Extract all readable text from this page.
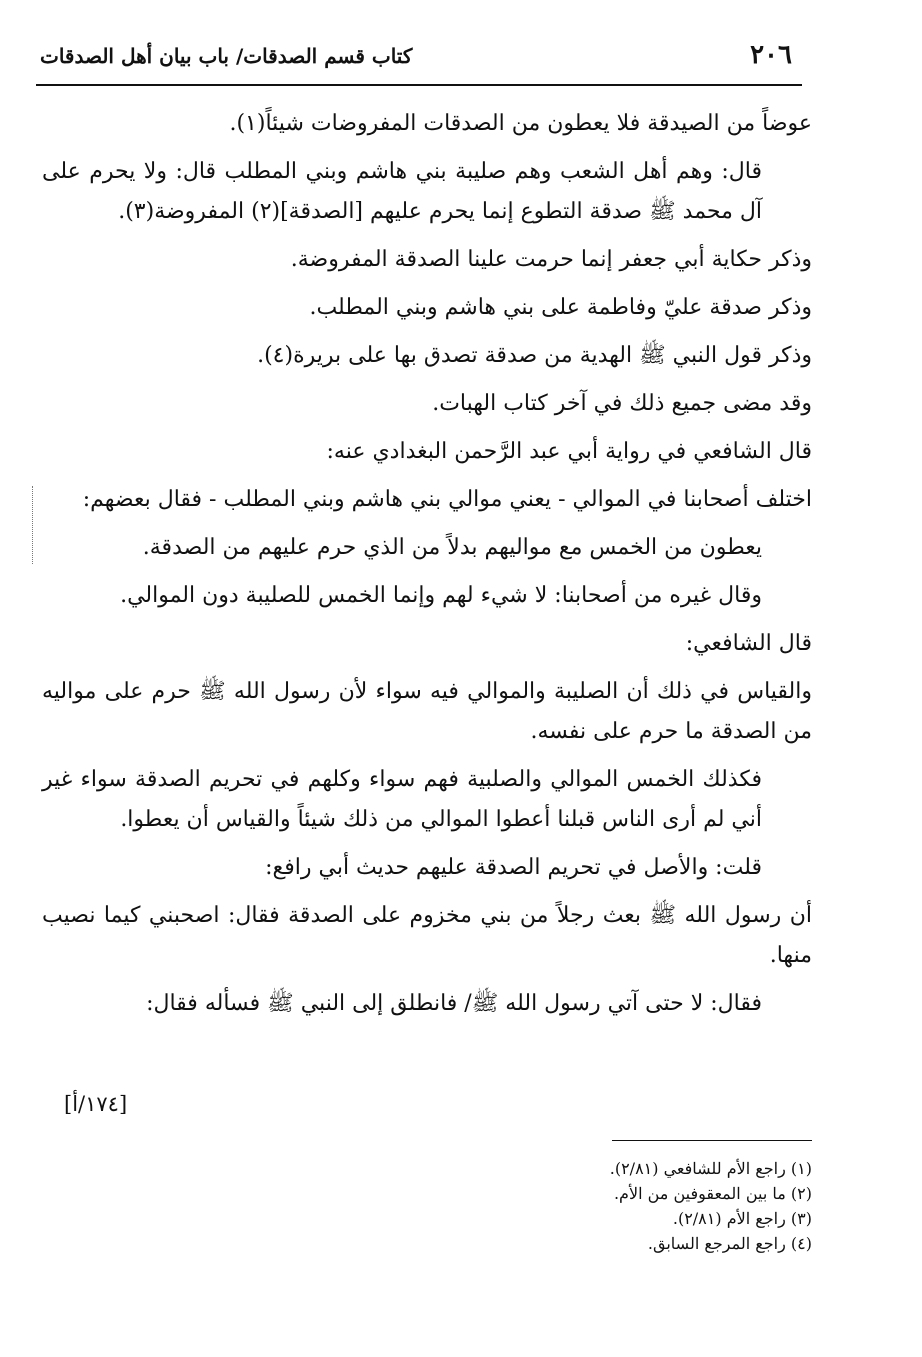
٢٠٦
كتاب قسم الصدقات/ باب بيان أهل الصدقات

عوضاً من الصيدقة فلا يعطون من الصدقات المفروضات شيئاً(١).

قال: وهم أهل الشعب وهم صليبة بني هاشم وبني المطلب قال: ولا يحرم على آل محمد ﷺ صدقة التطوع إنما يحرم عليهم [الصدقة](٢) المفروضة(٣).

وذكر حكاية أبي جعفر إنما حرمت علينا الصدقة المفروضة.

وذكر صدقة عليّ وفاطمة على بني هاشم وبني المطلب.

وذكر قول النبي ﷺ الهدية من صدقة تصدق بها على بريرة(٤).

وقد مضى جميع ذلك في آخر كتاب الهبات.

قال الشافعي في رواية أبي عبد الرَّحمن البغدادي عنه:

اختلف أصحابنا في الموالي - يعني موالي بني هاشم وبني المطلب - فقال بعضهم:

يعطون من الخمس مع مواليهم بدلاً من الذي حرم عليهم من الصدقة.

وقال غيره من أصحابنا: لا شيء لهم وإنما الخمس للصليبة دون الموالي.

قال الشافعي:

والقياس في ذلك أن الصليبة والموالي فيه سواء لأن رسول الله ﷺ حرم على مواليه من الصدقة ما حرم على نفسه.

فكذلك الخمس الموالي والصلبية فهم سواء وكلهم في تحريم الصدقة سواء غير أني لم أرى الناس قبلنا أعطوا الموالي من ذلك شيئاً والقياس أن يعطوا.

قلت: والأصل في تحريم الصدقة عليهم حديث أبي رافع:

أن رسول الله ﷺ بعث رجلاً من بني مخزوم على الصدقة فقال: اصحبني كيما نصيب منها.

فقال: لا حتى آتي رسول الله ﷺ/ فانطلق إلى النبي ﷺ فسأله فقال:

[١٧٤/أ]
(١) راجع الأم للشافعي (٢/٨١).
(٢) ما بين المعقوفين من الأم.
(٣) راجع الأم (٢/٨١).
(٤) راجع المرجع السابق.
